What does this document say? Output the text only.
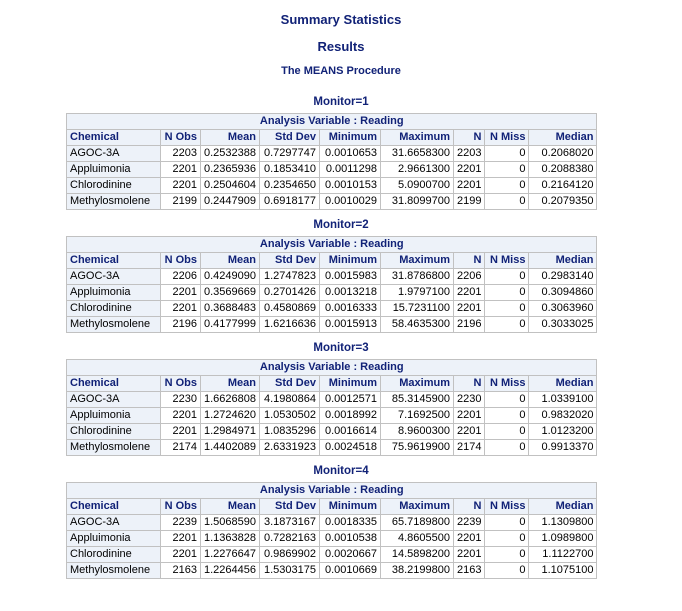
Summary Statistics
Results
The MEANS Procedure
Monitor=1
Analysis Variable : Reading								
Chemical	N Obs	Mean	Std Dev	Minimum	Maximum	N	N Miss	Median
AGOC-3A	2203	0.2532388	0.7297747	0.0010653	31.6658300	2203	0	0.2068020
Appluimonia	2201	0.2365936	0.1853410	0.0011298	2.9661300	2201	0	0.2088380
Chlorodinine	2201	0.2504604	0.2354650	0.0010153	5.0900700	2201	0	0.2164120
Methylosmolene	2199	0.2447909	0.6918177	0.0010029	31.8099700	2199	0	0.2079350
Monitor=2
Analysis Variable : Reading								
Chemical	N Obs	Mean	Std Dev	Minimum	Maximum	N	N Miss	Median
AGOC-3A	2206	0.4249090	1.2747823	0.0015983	31.8786800	2206	0	0.2983140
Appluimonia	2201	0.3569669	0.2701426	0.0013218	1.9797100	2201	0	0.3094860
Chlorodinine	2201	0.3688483	0.4580869	0.0016333	15.7231100	2201	0	0.3063960
Methylosmolene	2196	0.4177999	1.6216636	0.0015913	58.4635300	2196	0	0.3033025
Monitor=3
Analysis Variable : Reading								
Chemical	N Obs	Mean	Std Dev	Minimum	Maximum	N	N Miss	Median
AGOC-3A	2230	1.6626808	4.1980864	0.0012571	85.3145900	2230	0	1.0339100
Appluimonia	2201	1.2724620	1.0530502	0.0018992	7.1692500	2201	0	0.9832020
Chlorodinine	2201	1.2984971	1.0835296	0.0016614	8.9600300	2201	0	1.0123200
Methylosmolene	2174	1.4402089	2.6331923	0.0024518	75.9619900	2174	0	0.9913370
Monitor=4
Analysis Variable : Reading								
Chemical	N Obs	Mean	Std Dev	Minimum	Maximum	N	N Miss	Median
AGOC-3A	2239	1.5068590	3.1873167	0.0018335	65.7189800	2239	0	1.1309800
Appluimonia	2201	1.1363828	0.7282163	0.0010538	4.8605500	2201	0	1.0989800
Chlorodinine	2201	1.2276647	0.9869902	0.0020667	14.5898200	2201	0	1.1122700
Methylosmolene	2163	1.2264456	1.5303175	0.0010669	38.2199800	2163	0	1.1075100
